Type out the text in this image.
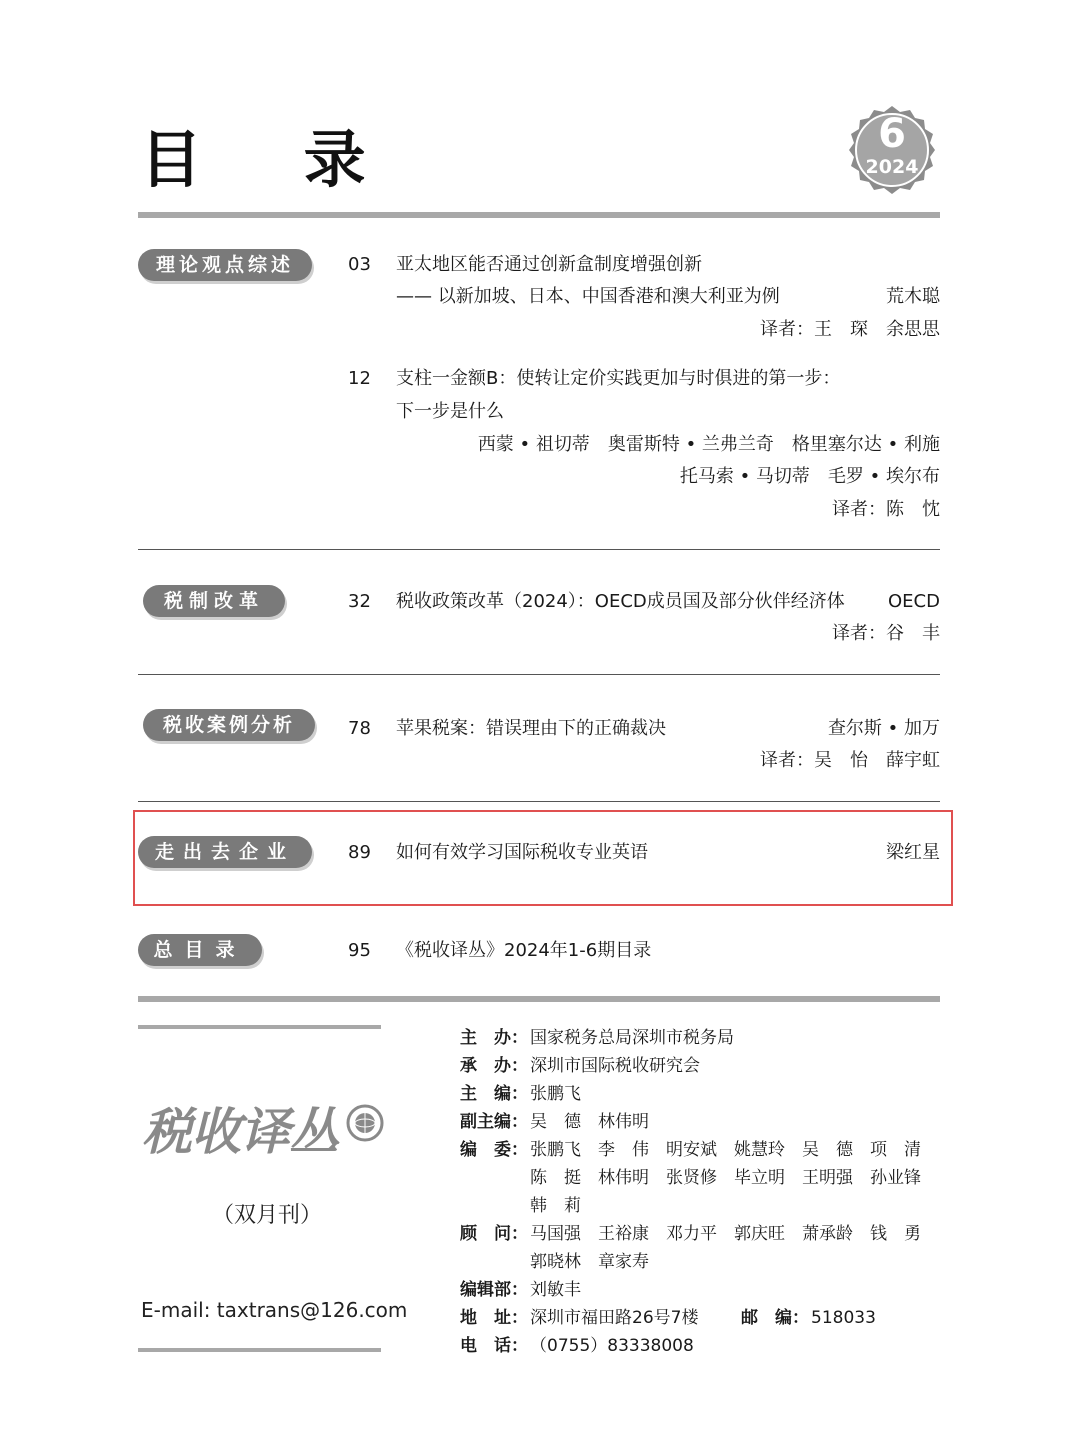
目 录	6
2024
理论观点综述	03 亚太地区能否通过创新盒制度增强创新
—— 以新加坡、日本、中国香港和澳大利亚为例	荒木聪
译者：王　琛　余思思
12 支柱一金额B：使转让定价实践更加与时俱进的第一步：
下一步是什么
西蒙 • 祖切蒂　奥雷斯特 • 兰弗兰奇　格里塞尔达 • 利施
托马索 • 马切蒂　毛罗 • 埃尔布
译者：陈　忱
税制改革	32 税收政策改革（2024）：OECD成员国及部分伙伴经济体 OECD
译者：谷　丰
税收案例分析	78 苹果税案：错误理由下的正确裁决	查尔斯 • 加万
译者：吴　怡　薛宇虹
走出去企业	89 如何有效学习国际税收专业英语	梁红星
总目录	95 《税收译丛》2024年1-6期目录
税收译丛
（双月刊）
E-mail: taxtrans@126.com
主　办： 国家税务总局深圳市税务局
承　办： 深圳市国际税收研究会
主　编： 张鹏飞
副主编： 吴　德　林伟明
编　委： 张鹏飞　李　伟　明安斌　姚慧玲　吴　德　项　清
陈　挺　林伟明　张贤修　毕立明　王明强　孙业锋
韩　莉
顾　问： 马国强　王裕康　邓力平　郭庆旺　萧承龄　钱　勇
郭晓林　章家寿
编辑部： 刘敏丰
地　址： 深圳市福田路26号7楼	邮　编： 518033
电　话： （0755）83338008
